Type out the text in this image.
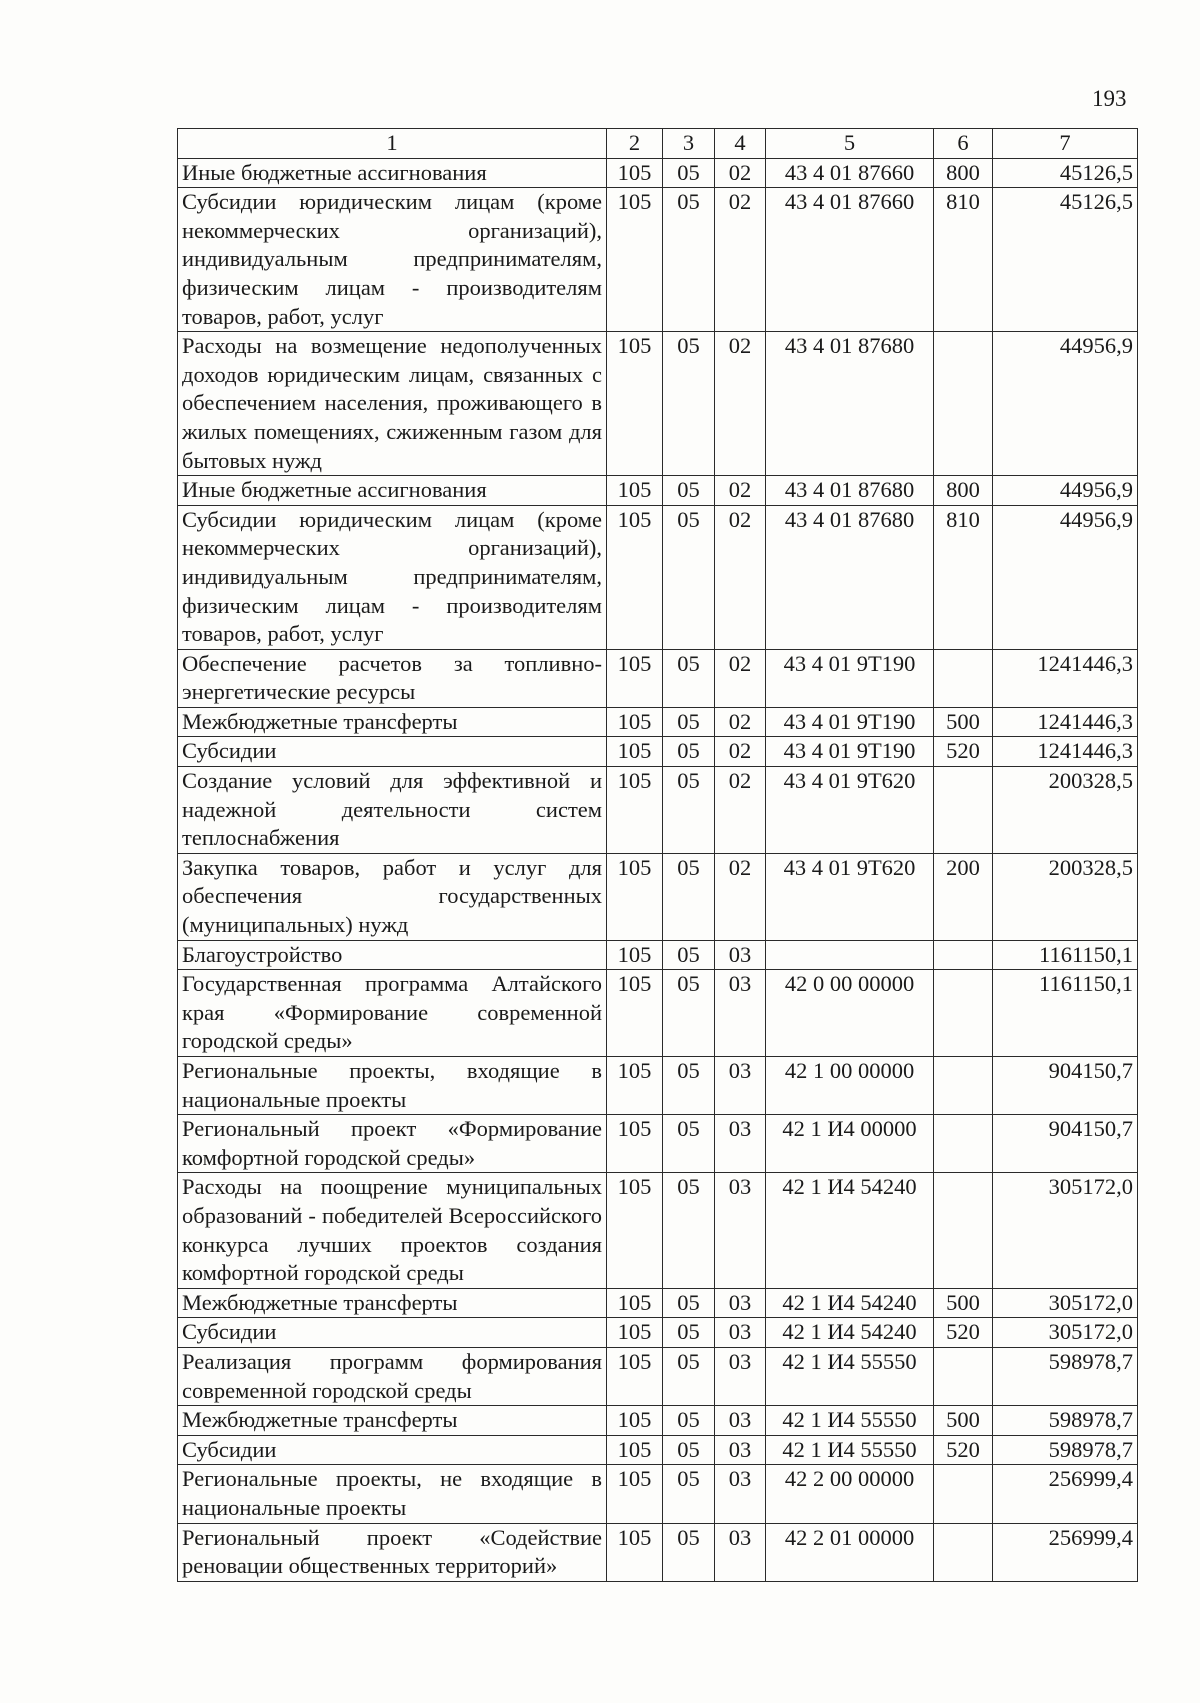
193
1	2	3	4	5	6	7
Иные бюджетные ассигнования	105	05	02	43 4 01 87660	800	45126,5
Субсидии юридическим лицам (кроме некоммерческих организаций), индивидуальным предпринимателям, физическим лицам - производителям товаров, работ, услуг	105	05	02	43 4 01 87660	810	45126,5
Расходы на возмещение недополученных доходов юридическим лицам, связанных с обеспечением населения, проживающего в жилых помещениях, сжиженным газом для бытовых нужд	105	05	02	43 4 01 87680		44956,9
Иные бюджетные ассигнования	105	05	02	43 4 01 87680	800	44956,9
Субсидии юридическим лицам (кроме некоммерческих организаций), индивидуальным предпринимателям, физическим лицам - производителям товаров, работ, услуг	105	05	02	43 4 01 87680	810	44956,9
Обеспечение расчетов за топливно-энергетические ресурсы	105	05	02	43 4 01 9Т190		1241446,3
Межбюджетные трансферты	105	05	02	43 4 01 9Т190	500	1241446,3
Субсидии	105	05	02	43 4 01 9Т190	520	1241446,3
Создание условий для эффективной и надежной деятельности систем теплоснабжения	105	05	02	43 4 01 9Т620		200328,5
Закупка товаров, работ и услуг для обеспечения государственных (муниципальных) нужд	105	05	02	43 4 01 9Т620	200	200328,5
Благоустройство	105	05	03			1161150,1
Государственная программа Алтайского края «Формирование современной городской среды»	105	05	03	42 0 00 00000		1161150,1
Региональные проекты, входящие в национальные проекты	105	05	03	42 1 00 00000		904150,7
Региональный проект «Формирование комфортной городской среды»	105	05	03	42 1 И4 00000		904150,7
Расходы на поощрение муниципальных образований - победителей Всероссийского конкурса лучших проектов создания комфортной городской среды	105	05	03	42 1 И4 54240		305172,0
Межбюджетные трансферты	105	05	03	42 1 И4 54240	500	305172,0
Субсидии	105	05	03	42 1 И4 54240	520	305172,0
Реализация программ формирования современной городской среды	105	05	03	42 1 И4 55550		598978,7
Межбюджетные трансферты	105	05	03	42 1 И4 55550	500	598978,7
Субсидии	105	05	03	42 1 И4 55550	520	598978,7
Региональные проекты, не входящие в национальные проекты	105	05	03	42 2 00 00000		256999,4
Региональный проект «Содействие реновации общественных территорий»	105	05	03	42 2 01 00000		256999,4
